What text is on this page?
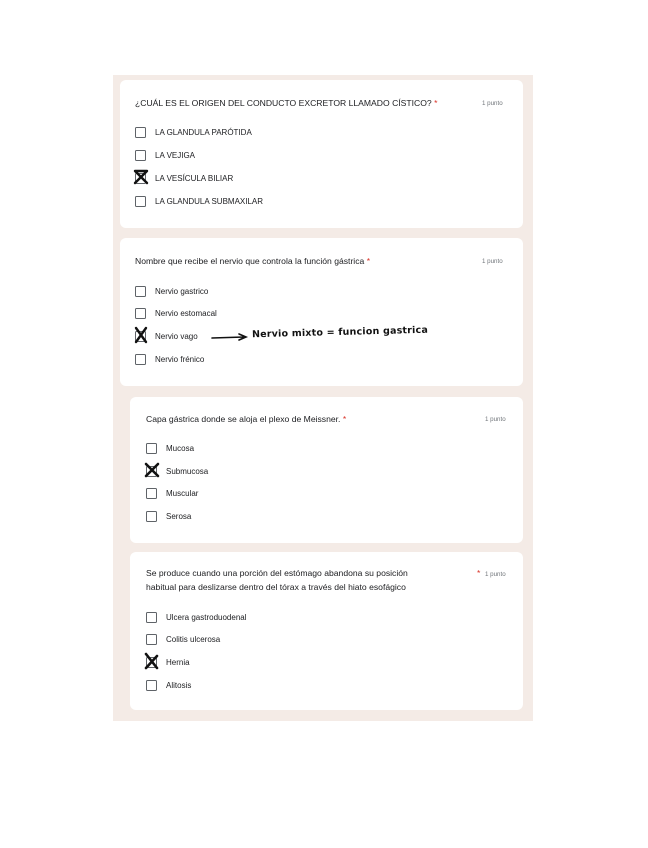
¿CUÁL ES EL ORIGEN DEL CONDUCTO EXCRETOR LLAMADO CÍSTICO? *	1 punto
LA GLANDULA PARÓTIDA
LA VEJIGA
LA VESÍCULA BILIAR
LA GLANDULA SUBMAXILAR
Nombre que recibe el nervio que controla la función gástrica *	1 punto
Nervio gastrico
Nervio estomacal
Nervio vago
Nervio frénico
Nervio mixto = funcion gastrica
Capa gástrica donde se aloja el plexo de Meissner. *	1 punto
Mucosa
Submucosa
Muscular
Serosa
Se produce cuando una porción del estómago abandona su posición
habitual para deslizarse dentro del tórax a través del hiato esofágico
* 1 punto
Ulcera gastroduodenal
Colitis ulcerosa
Hernia
Alitosis
